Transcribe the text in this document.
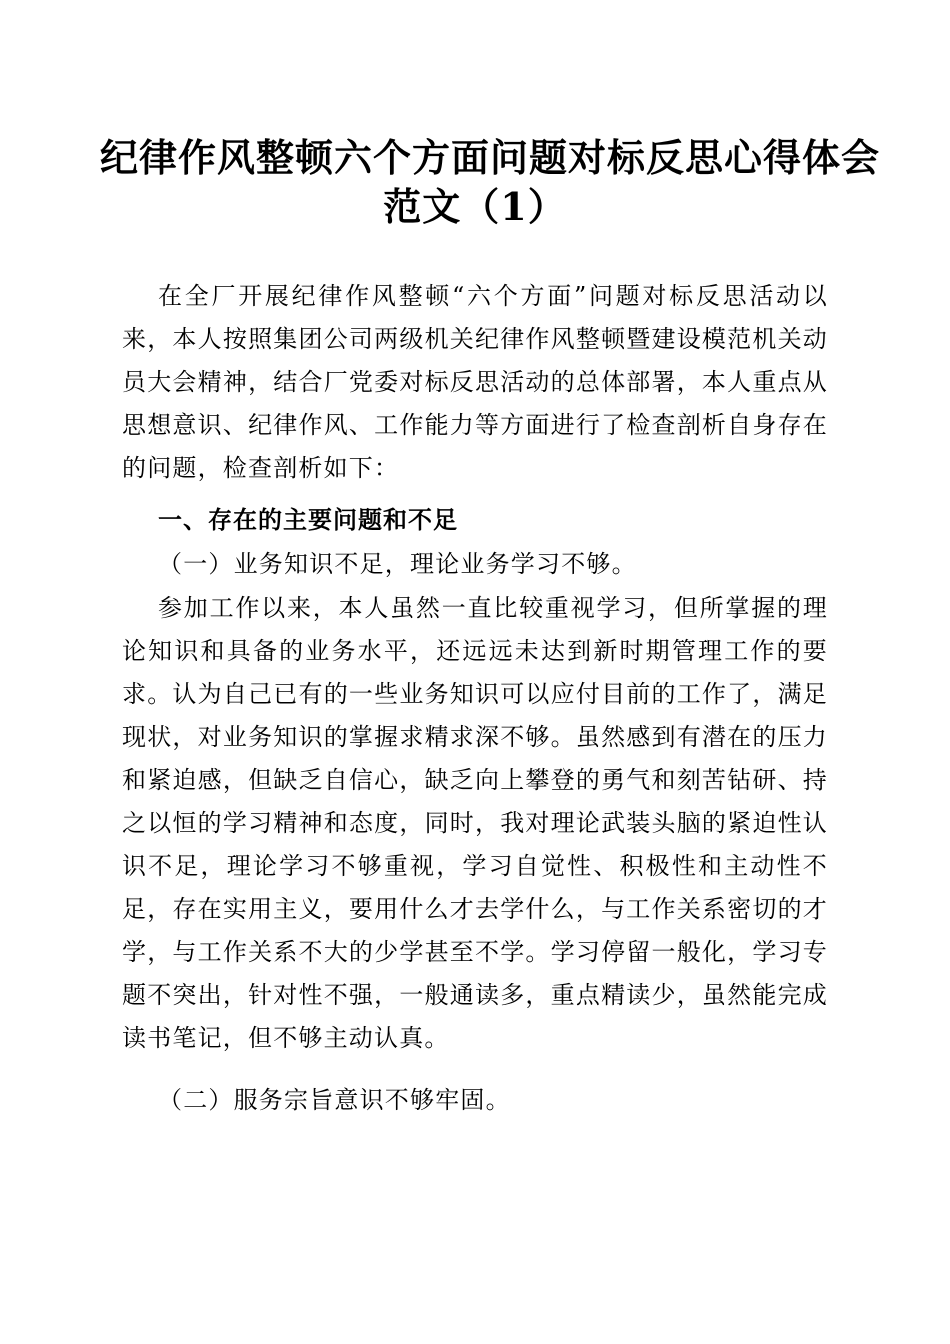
纪律作风整顿六个方面问题对标反思心得体会
范文（1）

在全厂开展纪律作风整顿“六个方面”问题对标反思活动以来，本人按照集团公司两级机关纪律作风整顿暨建设模范机关动员大会精神，结合厂党委对标反思活动的总体部署，本人重点从思想意识、纪律作风、工作能力等方面进行了检查剖析自身存在的问题，检查剖析如下：

一、存在的主要问题和不足

（一）业务知识不足，理论业务学习不够。

参加工作以来，本人虽然一直比较重视学习，但所掌握的理论知识和具备的业务水平，还远远未达到新时期管理工作的要求。认为自己已有的一些业务知识可以应付目前的工作了，满足现状，对业务知识的掌握求精求深不够。虽然感到有潜在的压力和紧迫感，但缺乏自信心，缺乏向上攀登的勇气和刻苦钻研、持之以恒的学习精神和态度，同时，我对理论武装头脑的紧迫性认识不足，理论学习不够重视，学习自觉性、积极性和主动性不足，存在实用主义，要用什么才去学什么，与工作关系密切的才学，与工作关系不大的少学甚至不学。学习停留一般化，学习专题不突出，针对性不强，一般通读多，重点精读少，虽然能完成读书笔记，但不够主动认真。

（二）服务宗旨意识不够牢固。
